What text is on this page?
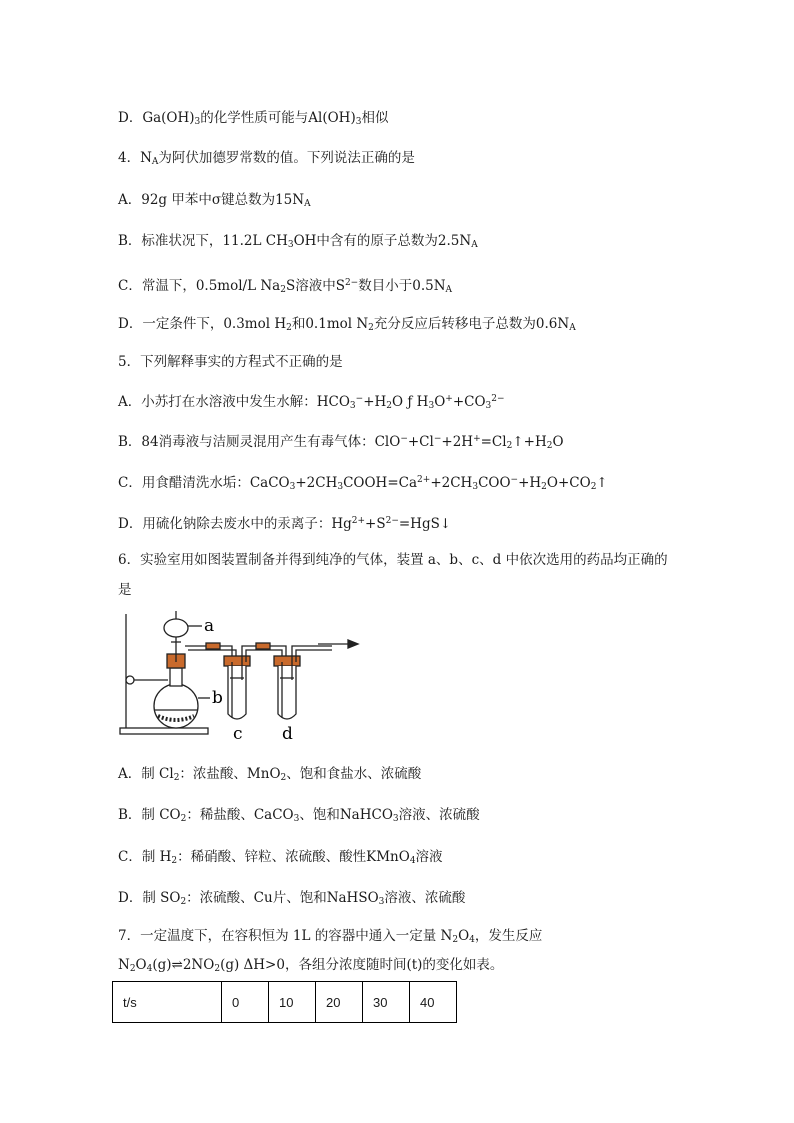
D．$Ga(OH)_3$的化学性质可能与$Al(OH)_3$相似
4．$N_A$为阿伏加德罗常数的值。下列说法正确的是
A．92g 甲苯中σ键总数为$15N_A$
B．标准状况下，11.2L $CH_3OH$中含有的原子总数为$2.5N_A$
C．常温下，0.5mol/L $Na_2S$溶液中$S^{2-}$数目小于$0.5N_A$
D．一定条件下，0.3mol $H_2$和0.1mol $N_2$充分反应后转移电子总数为$0.6N_A$
5．下列解释事实的方程式不正确的是
A．小苏打在水溶液中发生水解：$HCO_3^-+H_2O$ ƒ $H_3O^++CO_3^{2-}$
B．84消毒液与洁厕灵混用产生有毒气体：$ClO^-+Cl^-+2H^+=Cl_2↑+H_2O$
C．用食醋清洗水垢：$CaCO_3+2CH_3COOH=Ca^{2+}+2CH_3COO^-+H_2O+CO_2↑$
D．用硫化钠除去废水中的汞离子：$Hg^{2+}+S^{2-}=HgS↓$
6．实验室用如图装置制备并得到纯净的气体，装置 a、b、c、d 中依次选用的药品均正确的
是
a
b
c d
A．制 $Cl_2$：浓盐酸、MnO$_2$、饱和食盐水、浓硫酸
B．制 $CO_2$：稀盐酸、CaCO$_3$、饱和NaHCO$_3$溶液、浓硫酸
C．制 $H_2$：稀硝酸、锌粒、浓硫酸、酸性KMnO$_4$溶液
D．制 $SO_2$：浓硫酸、Cu片、饱和NaHSO$_3$溶液、浓硫酸
7．一定温度下，在容积恒为 1L 的容器中通入一定量 $N_2O_4$，发生反应
$N_2O_4(g)\rightleftharpoons 2NO_2(g)$ ΔH>0，各组分浓度随时间(t)的变化如表。
t/s	0	10	20	30	40
